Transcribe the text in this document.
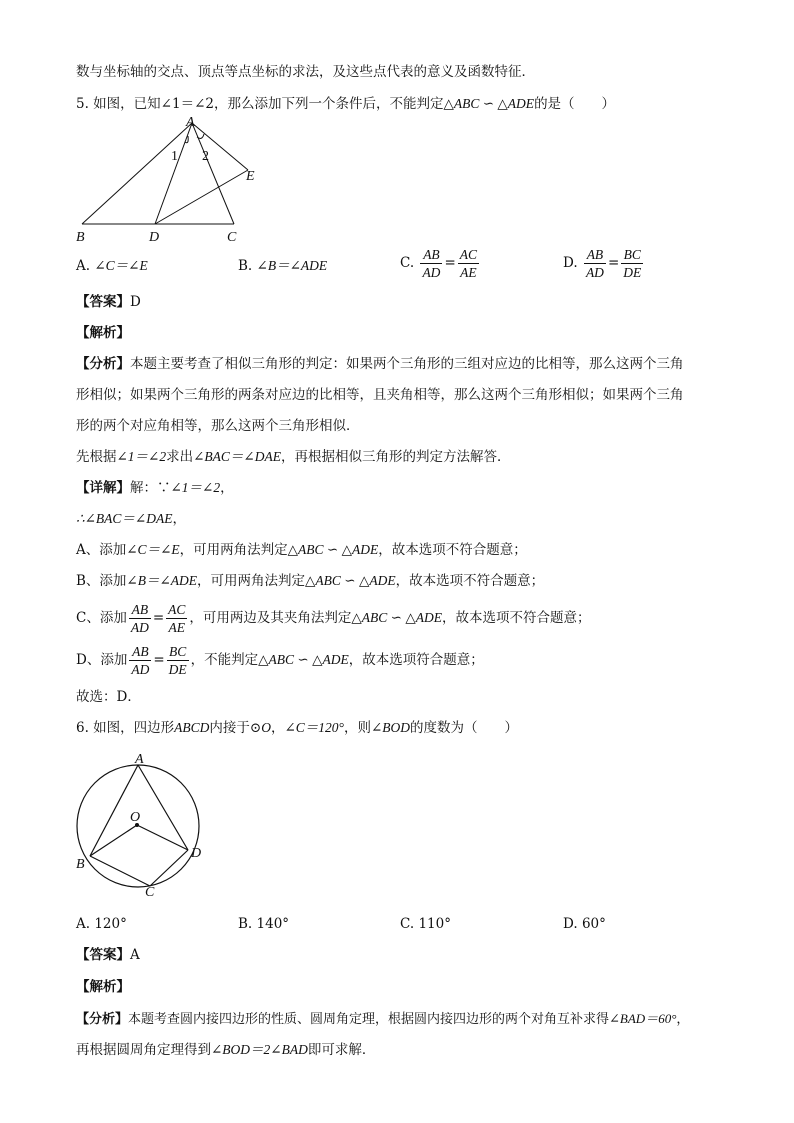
数与坐标轴的交点、顶点等点坐标的求法，及这些点代表的意义及函数特征．
5. 如图，已知∠1＝∠2，那么添加下列一个条件后，不能判定△ABC ∽ △ADE的是（　　）
A
B	D	C
E
1 2
A. ∠C＝∠E	B. ∠B＝∠ADE	C. $\frac{AB}{AD} = \frac{AC}{AE}$	D. $\frac{AB}{AD} = \frac{BC}{DE}$
【答案】D
【解析】
【分析】本题主要考查了相似三角形的判定：如果两个三角形的三组对应边的比相等，那么这两个三角
形相似；如果两个三角形的两条对应边的比相等，且夹角相等，那么这两个三角形相似；如果两个三角
形的两个对应角相等，那么这两个三角形相似．
先根据∠1＝∠2求出∠BAC＝∠DAE，再根据相似三角形的判定方法解答．
【详解】解：∵∠1＝∠2，
∴∠BAC＝∠DAE，
A、添加∠C＝∠E，可用两角法判定△ABC ∽ △ADE，故本选项不符合题意；
B、添加∠B＝∠ADE，可用两角法判定△ABC ∽ △ADE，故本选项不符合题意；
C、添加 $\frac{AB}{AD} = \frac{AC}{AE}$ ，可用两边及其夹角法判定△ABC ∽ △ADE，故本选项不符合题意；
D、添加 $\frac{AB}{AD} = \frac{BC}{DE}$ ，不能判定△ABC ∽ △ADE，故本选项符合题意；
故选：D．
6. 如图，四边形ABCD内接于⊙O，∠C＝120°，则∠BOD的度数为（　　）
A
O
B
D
C
A. 120°	B. 140°	C. 110°	D. 60°
【答案】A
【解析】
【分析】本题考查圆内接四边形的性质、圆周角定理，根据圆内接四边形的两个对角互补求得∠BAD＝60°，
再根据圆周角定理得到∠BOD＝2∠BAD即可求解．
